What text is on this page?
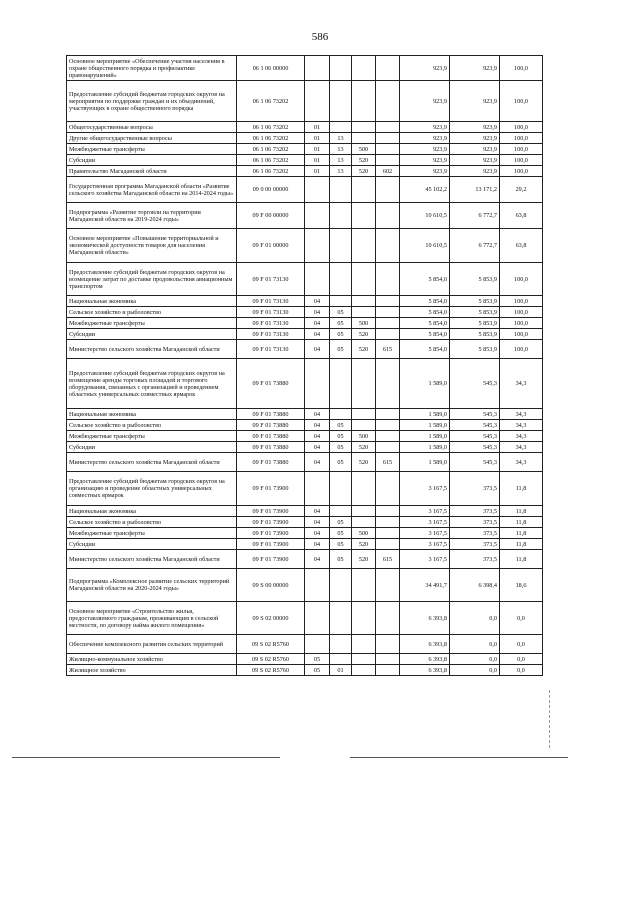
586
Основное мероприятие «Обеспечение участия населения в охране общественного порядка и профилактике правонарушений»	06 1 06 00000					923,9	923,9	100,0
Предоставление субсидий бюджетам городских округов на мероприятия по поддержке граждан и их объединений, участвующих в охране общественного порядка	06 1 06 73202					923,9	923,9	100,0
Общегосударственные вопросы	06 1 06 73202	01				923,9	923,9	100,0
Другие общегосударственные вопросы	06 1 06 73202	01	13			923,9	923,9	100,0
Межбюджетные трансферты	06 1 06 73202	01	13	500		923,9	923,9	100,0
Субсидии	06 1 06 73202	01	13	520		923,9	923,9	100,0
Правительство Магаданской области	06 1 06 73202	01	13	520	602	923,9	923,9	100,0
Государственная программа Магаданской области «Развитие сельского хозяйства Магаданской области на 2014-2024 годы»	09 0 00 00000					45 102,2	13 171,2	29,2
Подпрограмма «Развитие торговли на территории Магаданской области на 2019-2024 годы»	09 F 00 00000					10 610,5	6 772,7	63,8
Основное мероприятие «Повышение территориальной и экономической доступности товаров для населения Магаданской области»	09 F 01 00000					10 610,5	6 772,7	63,8
Предоставление субсидий бюджетам городских округов на возмещение затрат по доставке продовольствия авиационным транспортом	09 F 01 73130					5 854,0	5 853,9	100,0
Национальная экономика	09 F 01 73130	04				5 854,0	5 853,9	100,0
Сельское хозяйство и рыболовство	09 F 01 73130	04	05			5 854,0	5 853,9	100,0
Межбюджетные трансферты	09 F 01 73130	04	05	500		5 854,0	5 853,9	100,0
Субсидии	09 F 01 73130	04	05	520		5 854,0	5 853,9	100,0
Министерство сельского хозяйства Магаданской области	09 F 01 73130	04	05	520	615	5 854,0	5 853,9	100,0
Предоставление субсидий бюджетам городских округов на возмещение аренды торговых площадей и торгового оборудования, связанных с организацией и проведением областных универсальных совместных ярмарок	09 F 01 73880					1 589,0	545,3	34,3
Национальная экономика	09 F 01 73880	04				1 589,0	545,3	34,3
Сельское хозяйство и рыболовство	09 F 01 73880	04	05			1 589,0	545,3	34,3
Межбюджетные трансферты	09 F 01 73880	04	05	500		1 589,0	545,3	34,3
Субсидии	09 F 01 73880	04	05	520		1 589,0	545,3	34,3
Министерство сельского хозяйства Магаданской области	09 F 01 73880	04	05	520	615	1 589,0	545,3	34,3
Предоставление субсидий бюджетам городских округов на организацию и проведение областных универсальных совместных ярмарок	09 F 01 73900					3 167,5	373,5	11,8
Национальная экономика	09 F 01 73900	04				3 167,5	373,5	11,8
Сельское хозяйство и рыболовство	09 F 01 73900	04	05			3 167,5	373,5	11,8
Межбюджетные трансферты	09 F 01 73900	04	05	500		3 167,5	373,5	11,8
Субсидии	09 F 01 73900	04	05	520		3 167,5	373,5	11,8
Министерство сельского хозяйства Магаданской области	09 F 01 73900	04	05	520	615	3 167,5	373,5	11,8
Подпрограмма «Комплексное развитие сельских территорий Магаданской области на 2020-2024 годы»	09 S 00 00000					34 491,7	6 398,4	18,6
Основное мероприятие «Строительство жилья, предоставляемого гражданам, проживающим в сельской местности, по договору найма жилого помещения»	09 S 02 00000					6 393,8	0,0	0,0
Обеспечение комплексного развития сельских территорий	09 S 02 R5760					6 393,8	0,0	0,0
Жилищно-коммунальное хозяйство	09 S 02 R5760	05				6 393,8	0,0	0,0
Жилищное хозяйство	09 S 02 R5760	05	01			6 393,8	0,0	0,0
